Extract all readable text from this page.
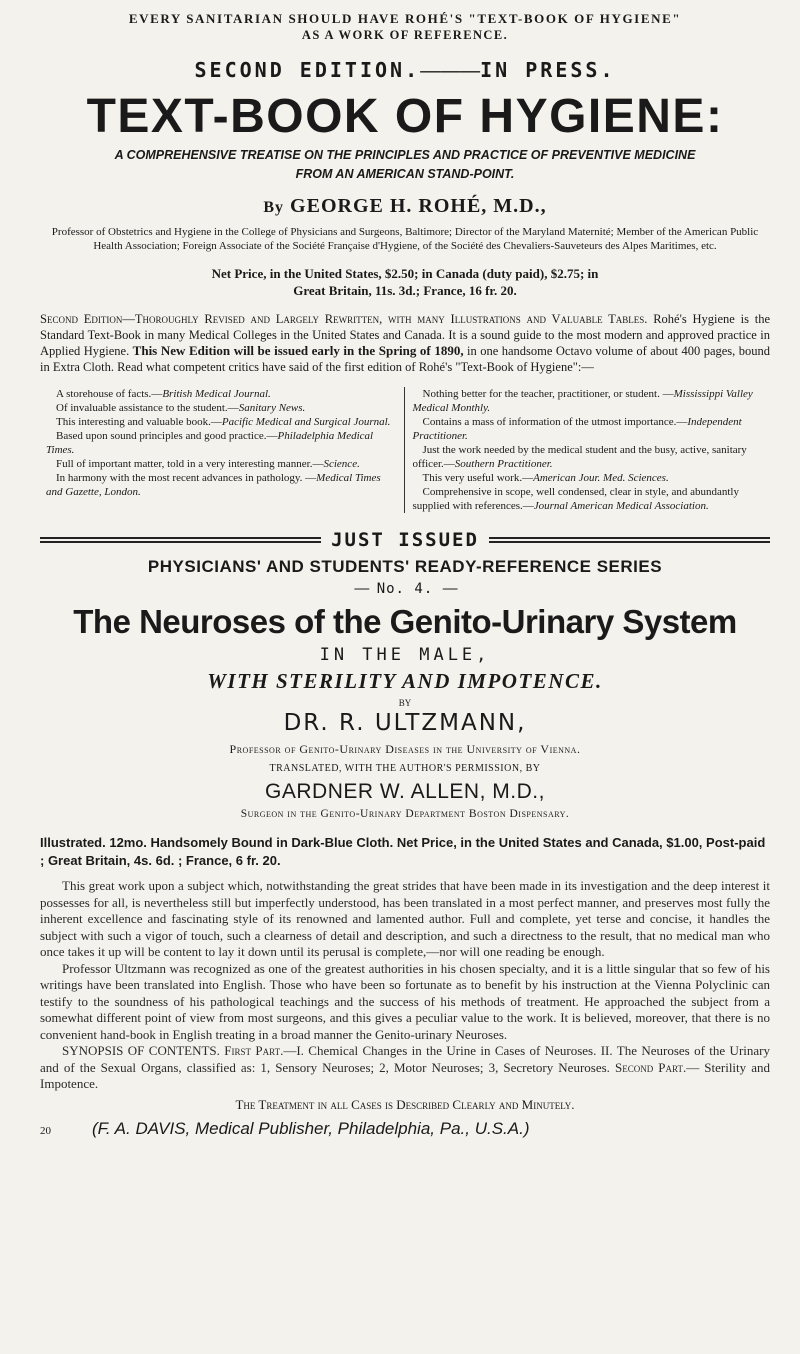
EVERY SANITARIAN SHOULD HAVE ROHÉ'S "TEXT-BOOK OF HYGIENE"
AS A WORK OF REFERENCE.
SECOND EDITION.———IN PRESS.
TEXT-BOOK OF HYGIENE:
A COMPREHENSIVE TREATISE ON THE PRINCIPLES AND PRACTICE OF PREVENTIVE MEDICINE
FROM AN AMERICAN STAND-POINT.
By GEORGE H. ROHÉ, M.D.,
Professor of Obstetrics and Hygiene in the College of Physicians and Surgeons, Baltimore; Director of the Maryland Maternité; Member of the American Public Health Association; Foreign Associate of the Société Française d'Hygiene, of the Société des Chevaliers-Sauveteurs des Alpes Maritimes, etc.
Net Price, in the United States, $2.50; in Canada (duty paid), $2.75; in
Great Britain, 11s. 3d.; France, 16 fr. 20.
Second Edition—Thoroughly Revised and Largely Rewritten, with many Illustrations and Valuable Tables. Rohé's Hygiene is the Standard Text-Book in many Medical Colleges in the United States and Canada. It is a sound guide to the most modern and approved practice in Applied Hygiene. This New Edition will be issued early in the Spring of 1890, in one handsome Octavo volume of about 400 pages, bound in Extra Cloth. Read what competent critics have said of the first edition of Rohé's "Text-Book of Hygiene":—

A storehouse of facts.—British Medical Journal.

Of invaluable assistance to the student.—Sanitary News.

This interesting and valuable book.—Pacific Medical and Surgical Journal.

Based upon sound principles and good practice.—Philadelphia Medical Times.

Full of important matter, told in a very interesting manner.—Science.

In harmony with the most recent advances in pathology. —Medical Times and Gazette, London.

Nothing better for the teacher, practitioner, or student. —Mississippi Valley Medical Monthly.

Contains a mass of information of the utmost importance.—Independent Practitioner.

Just the work needed by the medical student and the busy, active, sanitary officer.—Southern Practitioner.

This very useful work.—American Jour. Med. Sciences.

Comprehensive in scope, well condensed, clear in style, and abundantly supplied with references.—Journal American Medical Association.

JUST ISSUED
PHYSICIANS' AND STUDENTS' READY-REFERENCE SERIES
—— No. 4. ——
The Neuroses of the Genito-Urinary System
IN THE MALE,
WITH STERILITY AND IMPOTENCE.
BY
DR. R. ULTZMANN,
Professor of Genito-Urinary Diseases in the University of Vienna.
TRANSLATED, WITH THE AUTHOR'S PERMISSION, BY
GARDNER W. ALLEN, M.D.,
Surgeon in the Genito-Urinary Department Boston Dispensary.
Illustrated. 12mo. Handsomely Bound in Dark-Blue Cloth. Net Price, in the United States and Canada, $1.00, Post-paid ; Great Britain, 4s. 6d. ; France, 6 fr. 20.

This great work upon a subject which, notwithstanding the great strides that have been made in its investigation and the deep interest it possesses for all, is nevertheless still but imperfectly understood, has been translated in a most perfect manner, and preserves most fully the inherent excellence and fascinating style of its renowned and lamented author. Full and complete, yet terse and concise, it handles the subject with such a vigor of touch, such a clearness of detail and description, and such a directness to the result, that no medical man who once takes it up will be content to lay it down until its perusal is complete,—nor will one reading be enough.

Professor Ultzmann was recognized as one of the greatest authorities in his chosen specialty, and it is a little singular that so few of his writings have been translated into English. Those who have been so fortunate as to benefit by his instruction at the Vienna Polyclinic can testify to the soundness of his pathological teachings and the success of his methods of treatment. He approached the subject from a somewhat different point of view from most surgeons, and this gives a peculiar value to the work. It is believed, moreover, that there is no convenient hand-book in English treating in a broad manner the Genito-urinary Neuroses.

SYNOPSIS OF CONTENTS. First Part.—I. Chemical Changes in the Urine in Cases of Neuroses. II. The Neuroses of the Urinary and of the Sexual Organs, classified as: 1, Sensory Neuroses; 2, Motor Neuroses; 3, Secretory Neuroses. Second Part.— Sterility and Impotence.

The Treatment in all Cases is Described Clearly and Minutely.
20	(F. A. DAVIS, Medical Publisher, Philadelphia, Pa., U.S.A.)
